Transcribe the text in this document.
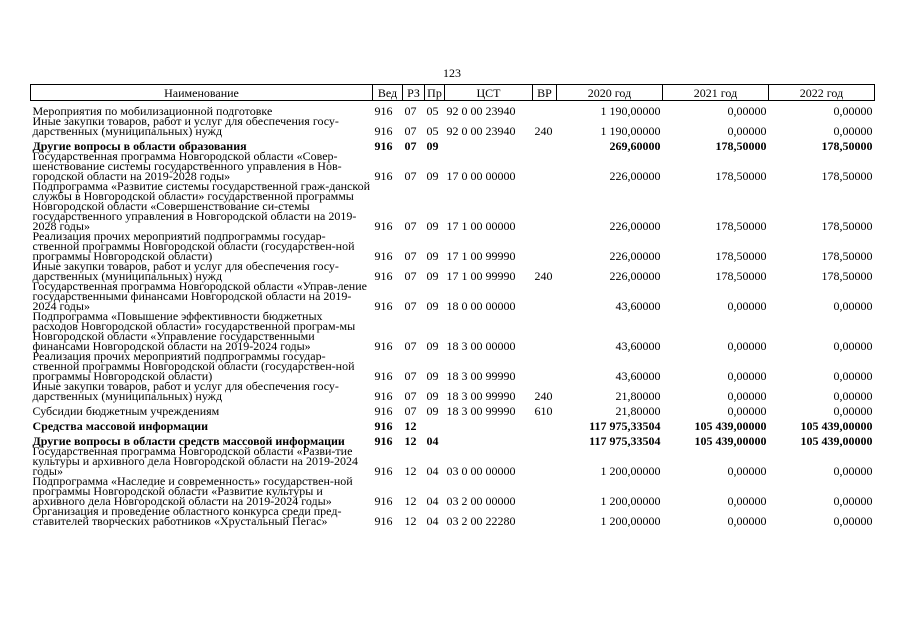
123
Наименование	Вед	РЗ	Пр	ЦСТ	ВР	2020 год	2021 год	2022 год
Мероприятия по мобилизационной подготовке	916	07	05	92 0 00 23940		1 190,00000	0,00000	0,00000
Иные закупки товаров, работ и услуг для обеспечения госу-дарственных (муниципальных) нужд	916	07	05	92 0 00 23940	240	1 190,00000	0,00000	0,00000
Другие вопросы в области образования	916	07	09			269,60000	178,50000	178,50000
Государственная программа Новгородской области «Совер-шенствование системы государственного управления в Нов-городской области на 2019-2028 годы»	916	07	09	17 0 00 00000		226,00000	178,50000	178,50000
Подпрограмма «Развитие системы государственной граж-данской службы в Новгородской области» государственной программы Новгородской области «Совершенствование си-стемы государственного управления в Новгородской области на 2019-2028 годы»	916	07	09	17 1 00 00000		226,00000	178,50000	178,50000
Реализация прочих мероприятий подпрограммы государ-ственной программы Новгородской области (государствен-ной программы Новгородской области)	916	07	09	17 1 00 99990		226,00000	178,50000	178,50000
Иные закупки товаров, работ и услуг для обеспечения госу-дарственных (муниципальных) нужд	916	07	09	17 1 00 99990	240	226,00000	178,50000	178,50000
Государственная программа Новгородской области «Управ-ление государственными финансами Новгородской области на 2019-2024 годы»	916	07	09	18 0 00 00000		43,60000	0,00000	0,00000
Подпрограмма «Повышение эффективности бюджетных расходов Новгородской области» государственной програм-мы Новгородской области «Управление государственными финансами Новгородской области на 2019-2024 годы»	916	07	09	18 3 00 00000		43,60000	0,00000	0,00000
Реализация прочих мероприятий подпрограммы государ-ственной программы Новгородской области (государствен-ной программы Новгородской области)	916	07	09	18 3 00 99990		43,60000	0,00000	0,00000
Иные закупки товаров, работ и услуг для обеспечения госу-дарственных (муниципальных) нужд	916	07	09	18 3 00 99990	240	21,80000	0,00000	0,00000
Субсидии бюджетным учреждениям	916	07	09	18 3 00 99990	610	21,80000	0,00000	0,00000
Средства массовой информации	916	12				117 975,33504	105 439,00000	105 439,00000
Другие вопросы в области средств массовой информации	916	12	04			117 975,33504	105 439,00000	105 439,00000
Государственная программа Новгородской области «Разви-тие культуры и архивного дела Новгородской области на 2019-2024 годы»	916	12	04	03 0 00 00000		1 200,00000	0,00000	0,00000
Подпрограмма «Наследие и современность» государствен-ной программы Новгородской области «Развитие культуры и архивного дела Новгородской области на 2019-2024 годы»	916	12	04	03 2 00 00000		1 200,00000	0,00000	0,00000
Организация и проведение областного конкурса среди пред-ставителей творческих работников «Хрустальный Пегас»	916	12	04	03 2 00 22280		1 200,00000	0,00000	0,00000
